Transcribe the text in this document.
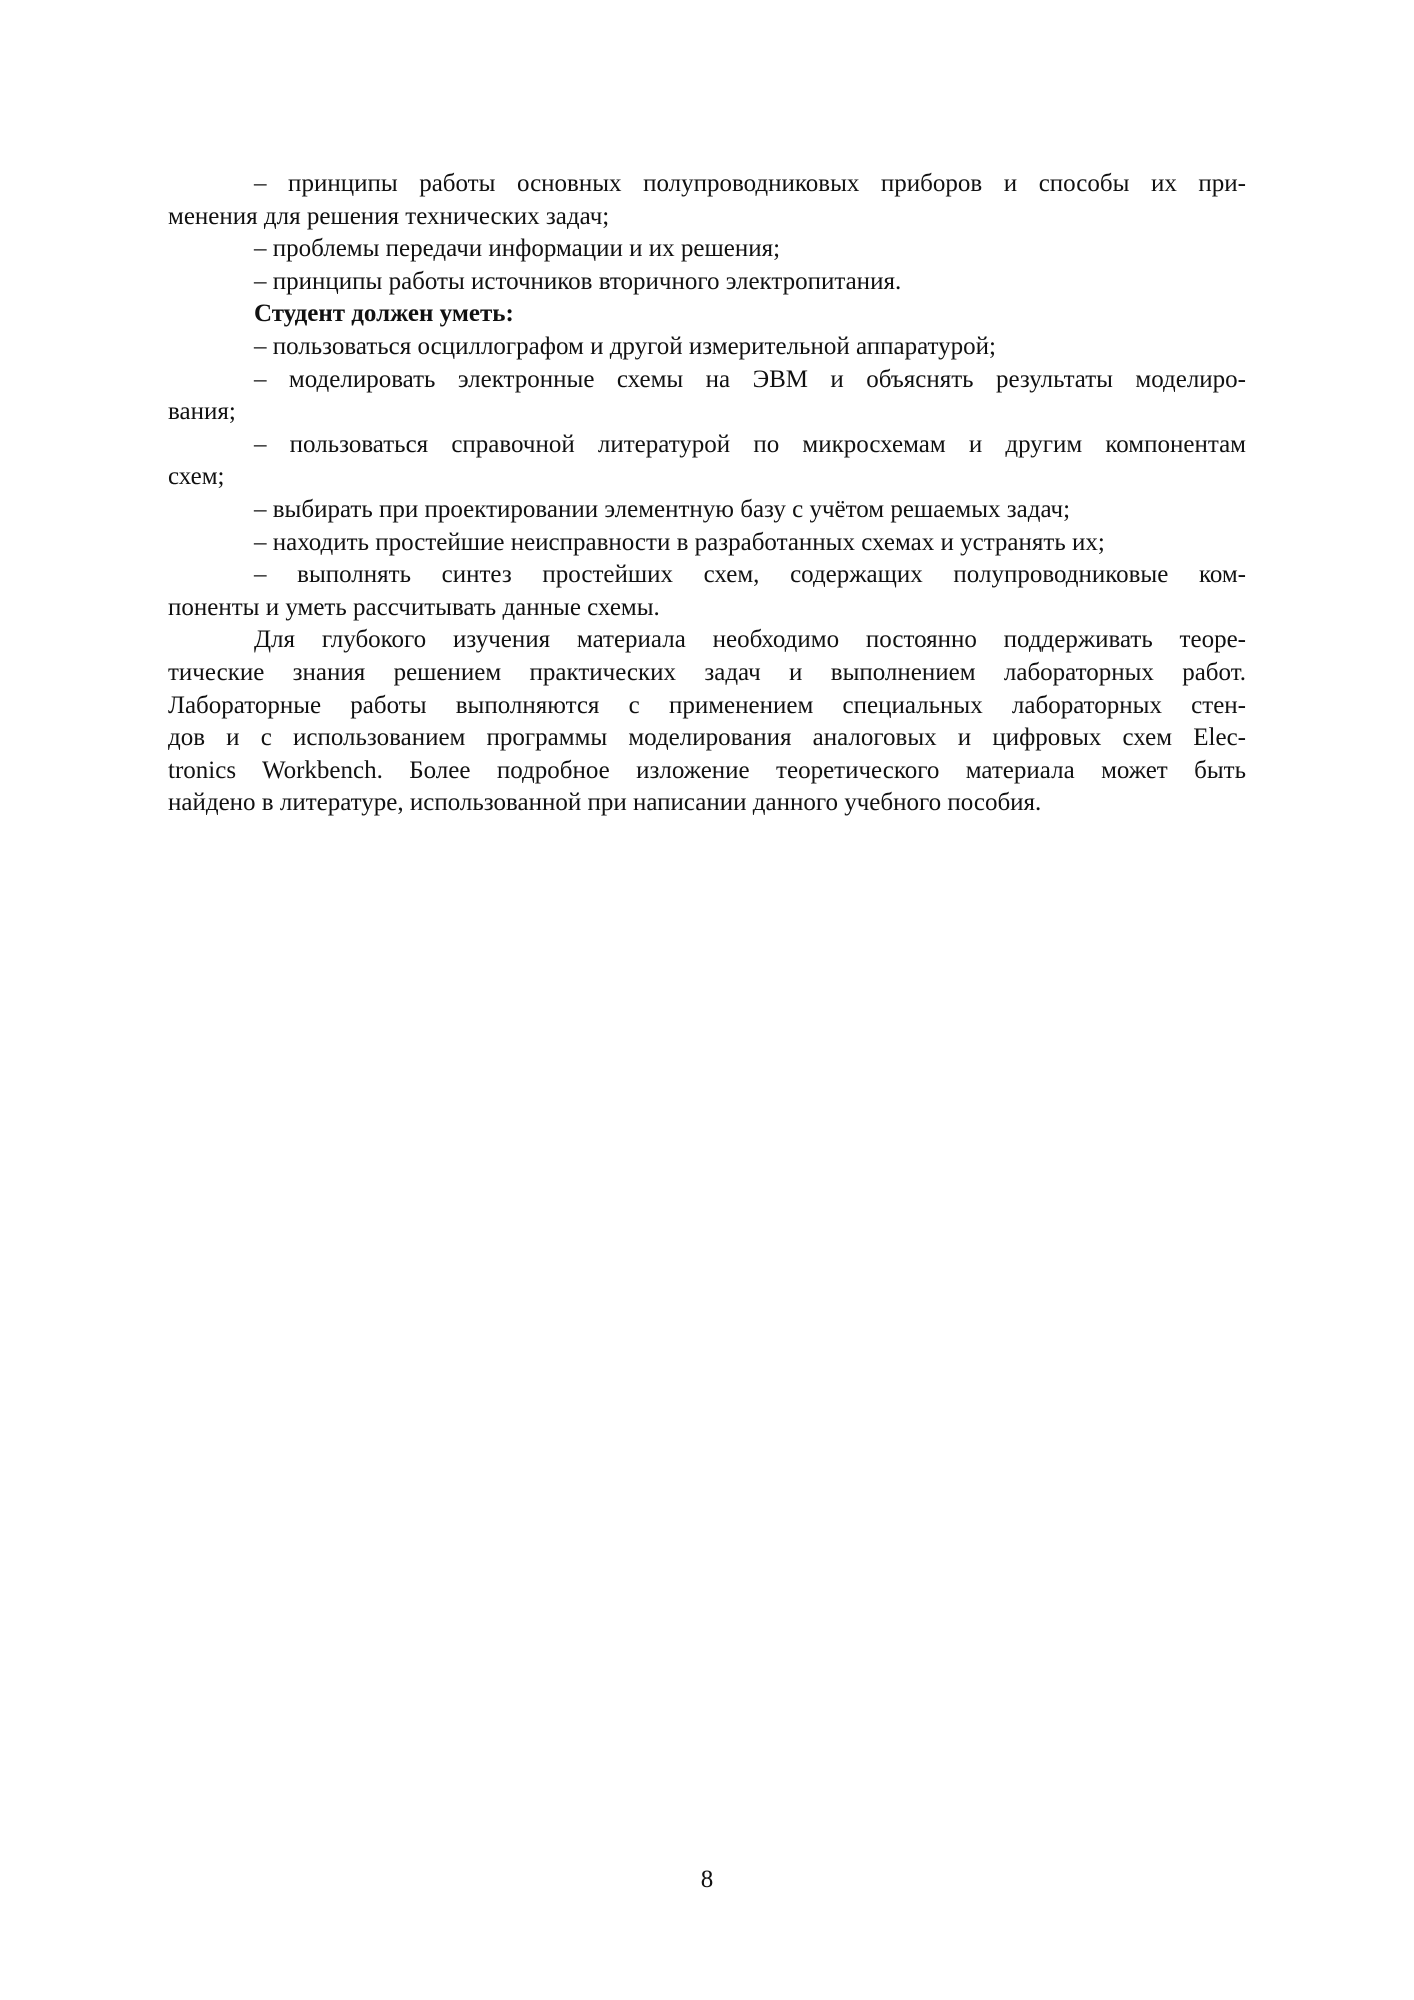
– принципы работы основных полупроводниковых приборов и способы их при-
менения для решения технических задач;
– проблемы передачи информации и их решения;
– принципы работы источников вторичного электропитания.
Студент должен уметь:
– пользоваться осциллографом и другой измерительной аппаратурой;
– моделировать электронные схемы на ЭВМ и объяснять результаты моделиро-
вания;
– пользоваться справочной литературой по микросхемам и другим компонентам
схем;
– выбирать при проектировании элементную базу с учётом решаемых задач;
– находить простейшие неисправности в разработанных схемах и устранять их;
– выполнять синтез простейших схем, содержащих полупроводниковые ком-
поненты и уметь рассчитывать данные схемы.
Для глубокого изучения материала необходимо постоянно поддерживать теоре-
тические знания решением практических задач и выполнением лабораторных работ.
Лабораторные работы выполняются с применением специальных лабораторных стен-
дов и с использованием программы моделирования аналоговых и цифровых схем Elec-
tronics Workbench. Более подробное изложение теоретического материала может быть
найдено в литературе, использованной при написании данного учебного пособия.
8
